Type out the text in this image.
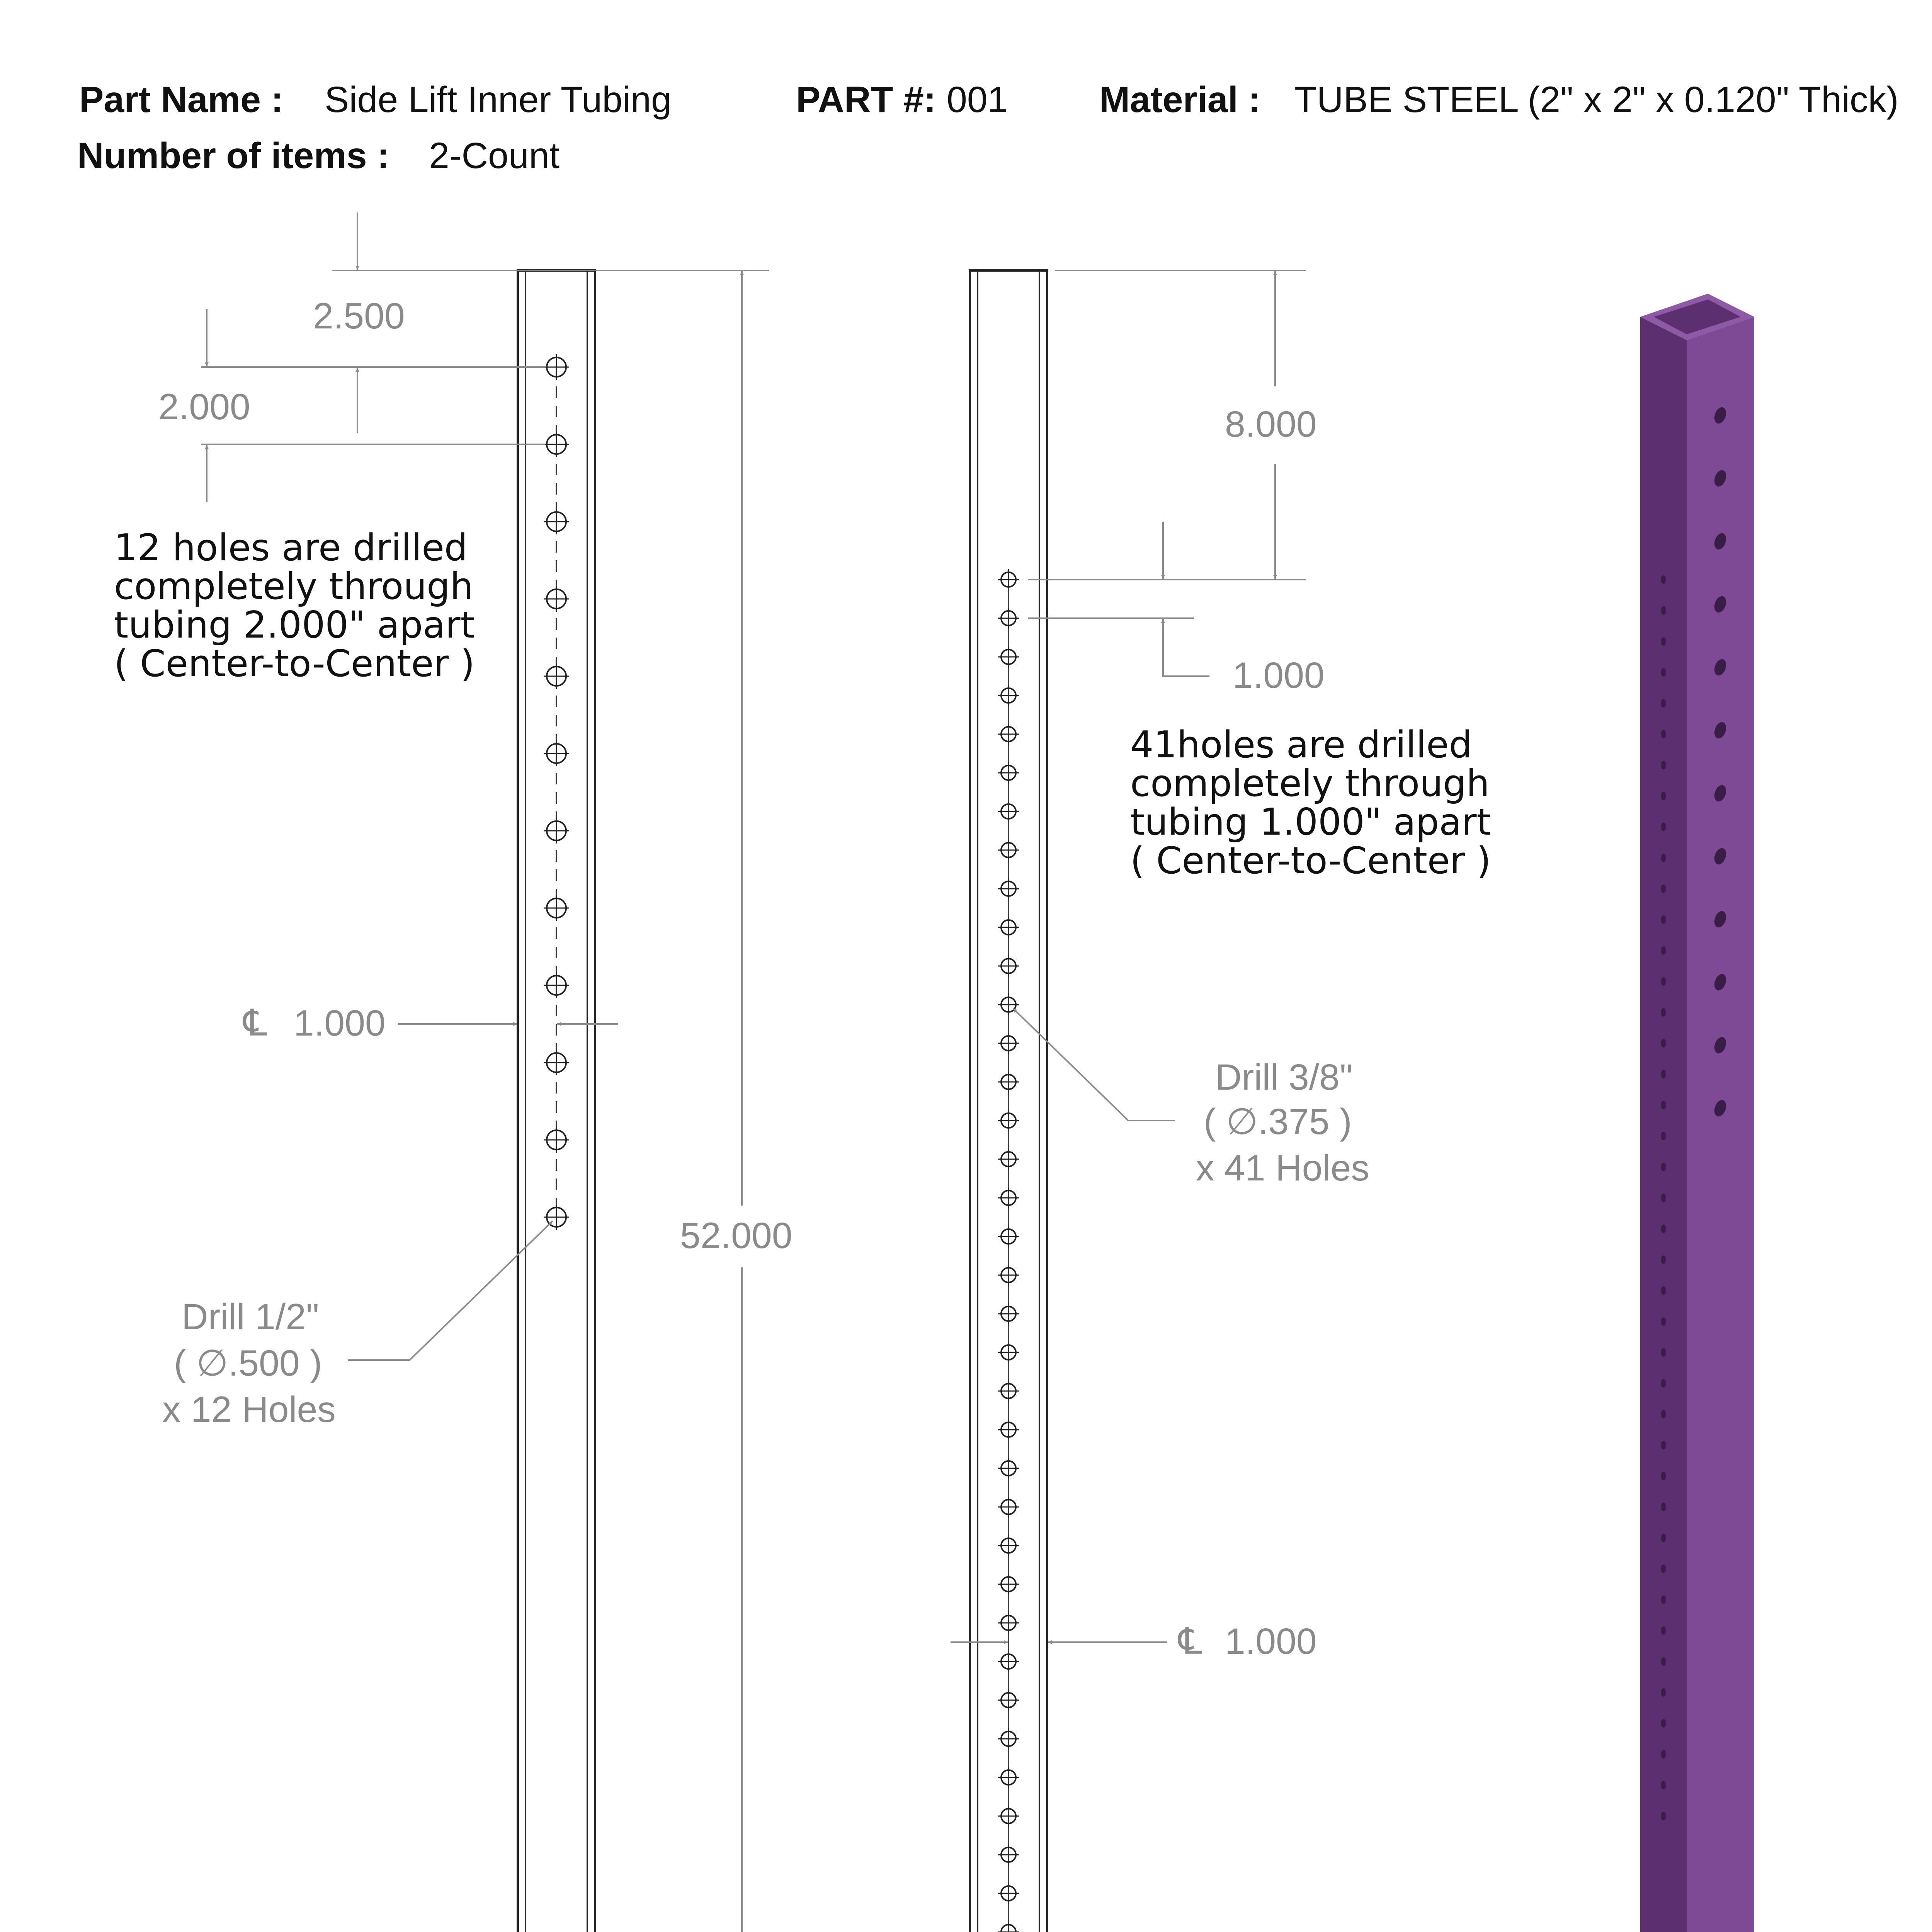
Part Name : Side Lift Inner Tubing	PART #: 001 Material : TUBE STEEL (2" x 2" x 0.120" Thick)
Number of items : 2-Count
2.500
2.000
12 holes are drilled
completely through
tubing 2.000" apart
( Center-to-Center )
℄ 1.000
Drill 1/2"
( ∅.500 )
x 12 Holes
52.000
8.000
1.000
41holes are drilled
completely through
tubing 1.000" apart
( Center-to-Center )
Drill 3/8"
( ∅.375 )
x 41 Holes
℄ 1.000
